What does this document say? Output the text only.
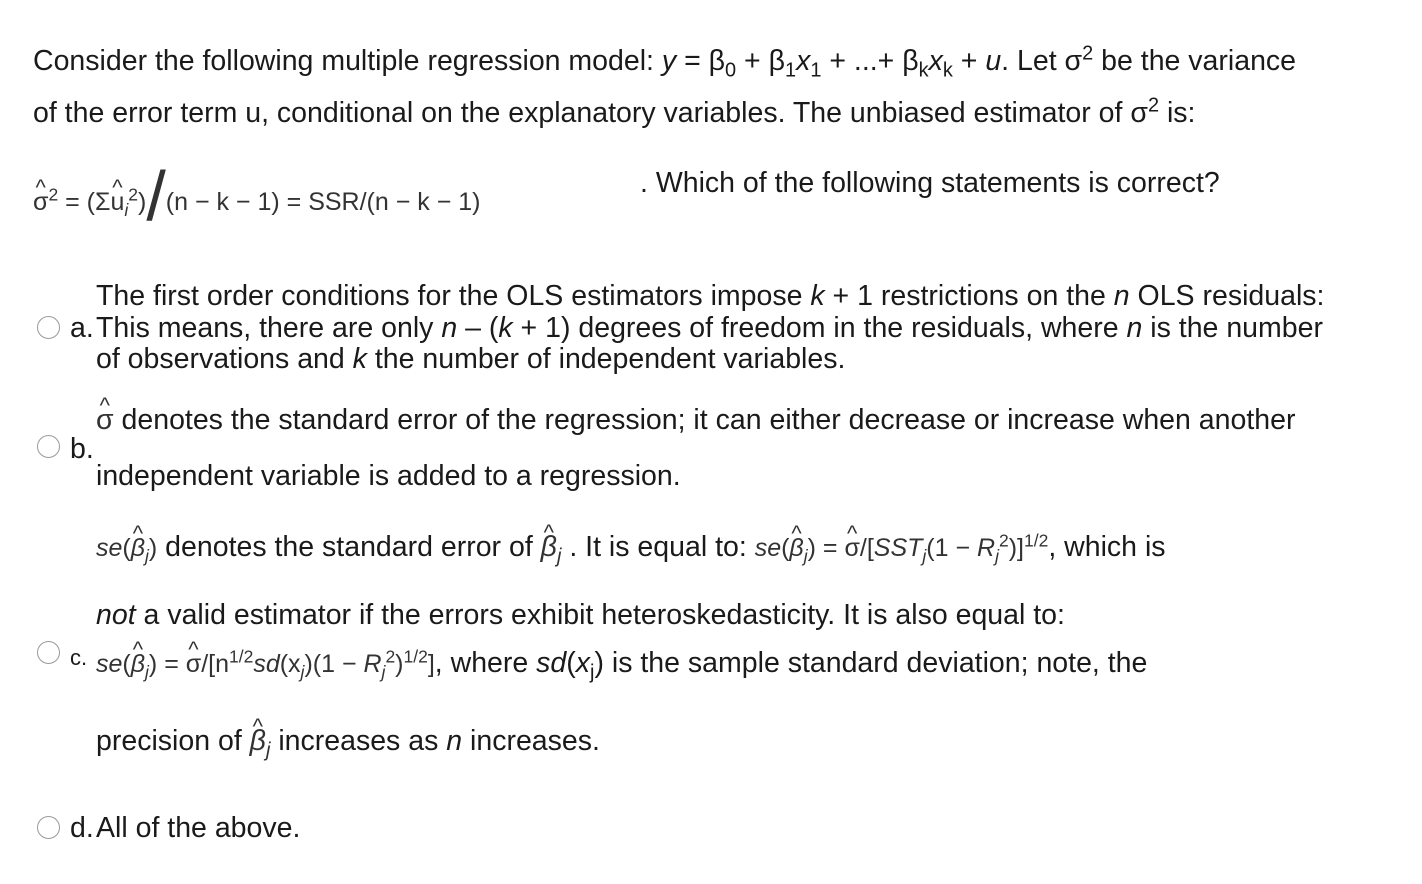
Consider the following multiple regression model: $y = \beta_0 + \beta_1x_1$ + ...+ $\beta_kx_k + u$. Let $\sigma^2$ be the variance
of the error term u, conditional on the explanatory variables. The unbiased estimator of $\sigma^2$ is:
^ $\sigma^2$ = (Σ^ $u_i^2)/(n - k - 1) = SSR/(n - k - 1)$
. Which of the following statements is correct?
a.
The first order conditions for the OLS estimators impose k + 1 restrictions on the n OLS residuals:
This means, there are only n – (k + 1) degrees of freedom in the residuals, where n is the number
of observations and k the number of independent variables.
b.
^ σ denotes the standard error of the regression; it can either decrease or increase when another
independent variable is added to a regression.
c.
se(^ $\beta_j$) denotes the standard error of ^ $\beta_j$ . It is equal to: se(^ $\beta_j$) = ^ $\sigma/[SST_j(1 - R_j^2)]^{1/2}$, which is
not a valid estimator if the errors exhibit heteroskedasticity. It is also equal to:
se(^ $\beta_j$) = ^ $\sigma/[n^{1/2}sd(x_j)(1 - R_j^2)^{1/2}]$, where $sd(x_j)$ is the sample standard deviation; note, the
precision of ^ $\beta_j$ increases as n increases.
d. All of the above.
